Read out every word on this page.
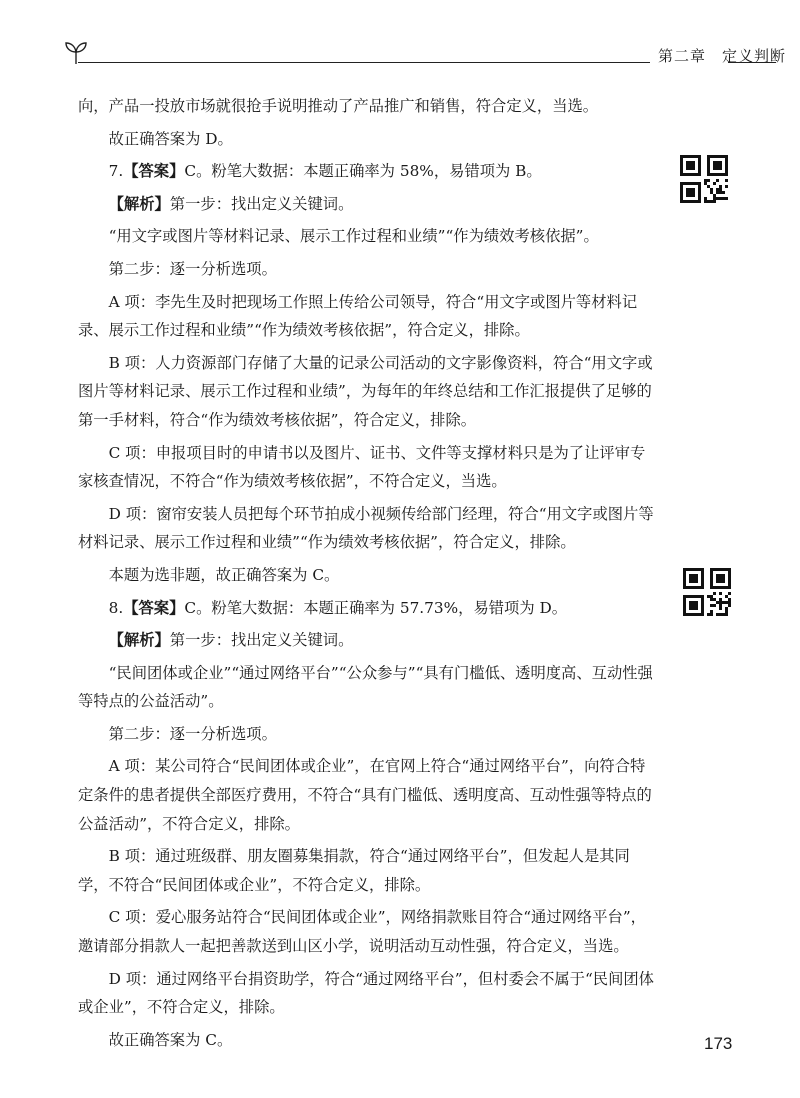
第二章　定义判断

向，产品一投放市场就很抢手说明推动了产品推广和销售，符合定义，当选。

故正确答案为 D。

7.【答案】C。粉笔大数据：本题正确率为 58%，易错项为 B。

【解析】第一步：找出定义关键词。

“用文字或图片等材料记录、展示工作过程和业绩”“作为绩效考核依据”。

第二步：逐一分析选项。

A 项：李先生及时把现场工作照上传给公司领导，符合“用文字或图片等材料记录、展示工作过程和业绩”“作为绩效考核依据”，符合定义，排除。

B 项：人力资源部门存储了大量的记录公司活动的文字影像资料，符合“用文字或图片等材料记录、展示工作过程和业绩”，为每年的年终总结和工作汇报提供了足够的第一手材料，符合“作为绩效考核依据”，符合定义，排除。

C 项：申报项目时的申请书以及图片、证书、文件等支撑材料只是为了让评审专家核查情况，不符合“作为绩效考核依据”，不符合定义，当选。

D 项：窗帘安装人员把每个环节拍成小视频传给部门经理，符合“用文字或图片等材料记录、展示工作过程和业绩”“作为绩效考核依据”，符合定义，排除。

本题为选非题，故正确答案为 C。

8.【答案】C。粉笔大数据：本题正确率为 57.73%，易错项为 D。

【解析】第一步：找出定义关键词。

“民间团体或企业”“通过网络平台”“公众参与”“具有门槛低、透明度高、互动性强等特点的公益活动”。

第二步：逐一分析选项。

A 项：某公司符合“民间团体或企业”，在官网上符合“通过网络平台”，向符合特定条件的患者提供全部医疗费用，不符合“具有门槛低、透明度高、互动性强等特点的公益活动”，不符合定义，排除。

B 项：通过班级群、朋友圈募集捐款，符合“通过网络平台”，但发起人是其同学，不符合“民间团体或企业”，不符合定义，排除。

C 项：爱心服务站符合“民间团体或企业”，网络捐款账目符合“通过网络平台”，邀请部分捐款人一起把善款送到山区小学，说明活动互动性强，符合定义，当选。

D 项：通过网络平台捐资助学，符合“通过网络平台”，但村委会不属于“民间团体或企业”，不符合定义，排除。

故正确答案为 C。	173
